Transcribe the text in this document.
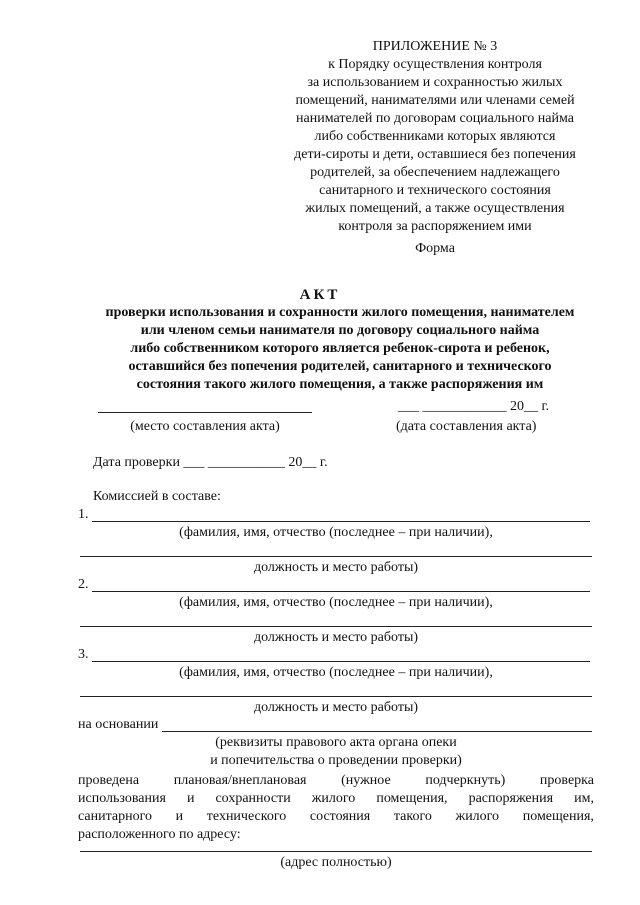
ПРИЛОЖЕНИЕ № 3
к Порядку осуществления контроля
за использованием и сохранностью жилых
помещений, нанимателями или членами семей
нанимателей по договорам социального найма
либо собственниками которых являются
дети-сироты и дети, оставшиеся без попечения
родителей, за обеспечением надлежащего
санитарного и технического состояния
жилых помещений, а также осуществления
контроля за распоряжением ими
Форма
АКТ
проверки использования и сохранности жилого помещения, нанимателем
или членом семьи нанимателя по договору социального найма
либо собственником которого является ребенок-сирота и ребенок,
оставшийся без попечения родителей, санитарного и технического
состояния такого жилого помещения, а также распоряжения им
(место составления акта)
___ ____________ 20__ г.
(дата составления акта)
Дата проверки ___ ___________ 20__ г.
Комиссией в составе:
1.
(фамилия, имя, отчество (последнее – при наличии),
должность и место работы)
2.
(фамилия, имя, отчество (последнее – при наличии),
должность и место работы)
3.
(фамилия, имя, отчество (последнее – при наличии),
должность и место работы)
на основании
(реквизиты правового акта органа опеки
и попечительства о проведении проверки)
проведена плановая/внеплановая (нужное подчеркнуть) проверка
использования и сохранности жилого помещения, распоряжения им,
санитарного и технического состояния такого жилого помещения,
расположенного по адресу:
(адрес полностью)
